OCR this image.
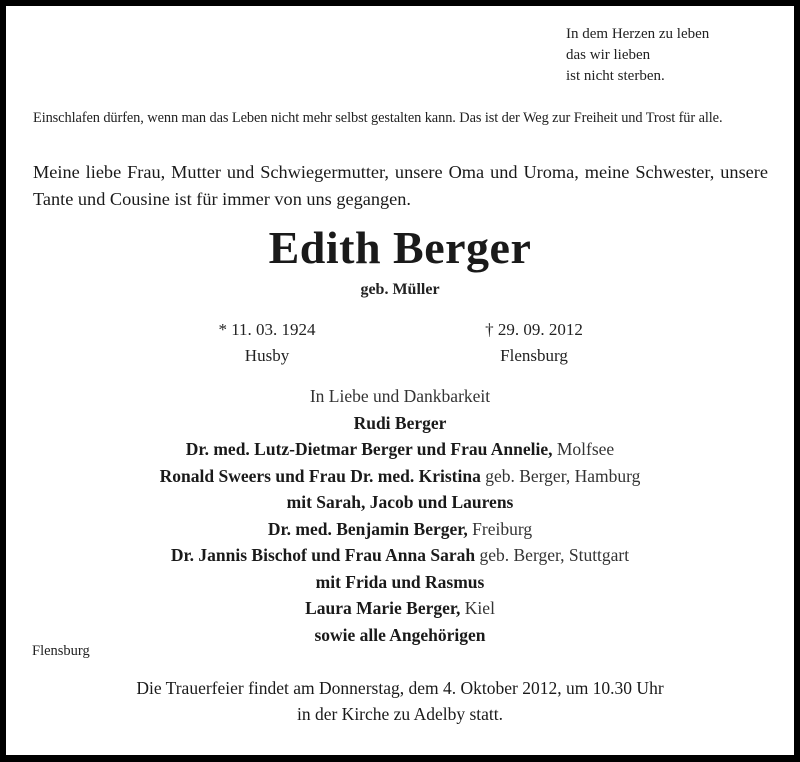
In dem Herzen zu leben
das wir lieben
ist nicht sterben.
Einschlafen dürfen, wenn man das Leben nicht mehr selbst gestalten kann. Das ist der Weg zur Freiheit und Trost für alle.
Meine liebe Frau, Mutter und Schwiegermutter, unsere Oma und Uroma, meine Schwester, unsere Tante und Cousine ist für immer von uns gegangen.
Edith Berger
geb. Müller
* 11. 03. 1924
Husby
† 29. 09. 2012
Flensburg
In Liebe und Dankbarkeit
Rudi Berger
Dr. med. Lutz-Dietmar Berger und Frau Annelie, Molfsee
Ronald Sweers und Frau Dr. med. Kristina geb. Berger, Hamburg
mit Sarah, Jacob und Laurens
Dr. med. Benjamin Berger, Freiburg
Dr. Jannis Bischof und Frau Anna Sarah geb. Berger, Stuttgart
mit Frida und Rasmus
Laura Marie Berger, Kiel
sowie alle Angehörigen
Flensburg
Die Trauerfeier findet am Donnerstag, dem 4. Oktober 2012, um 10.30 Uhr
in der Kirche zu Adelby statt.
